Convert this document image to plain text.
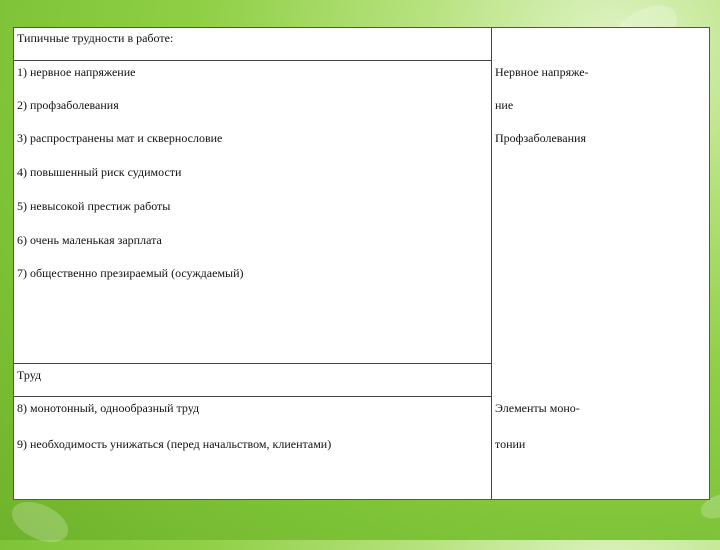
Типичные трудности в работе:
1) нервное напряжение
2) профзаболевания
3) распространены мат и сквернословие
4) повышенный риск судимости
5) невысокой престиж работы
6) очень маленькая зарплата
7) общественно презираемый (осуждаемый)
Нервное напряже-
ние
Профзаболевания
Труд
8) монотонный, однообразный труд
9) необходимость унижаться (перед начальством, клиентами)
Элементы моно-
тонии
